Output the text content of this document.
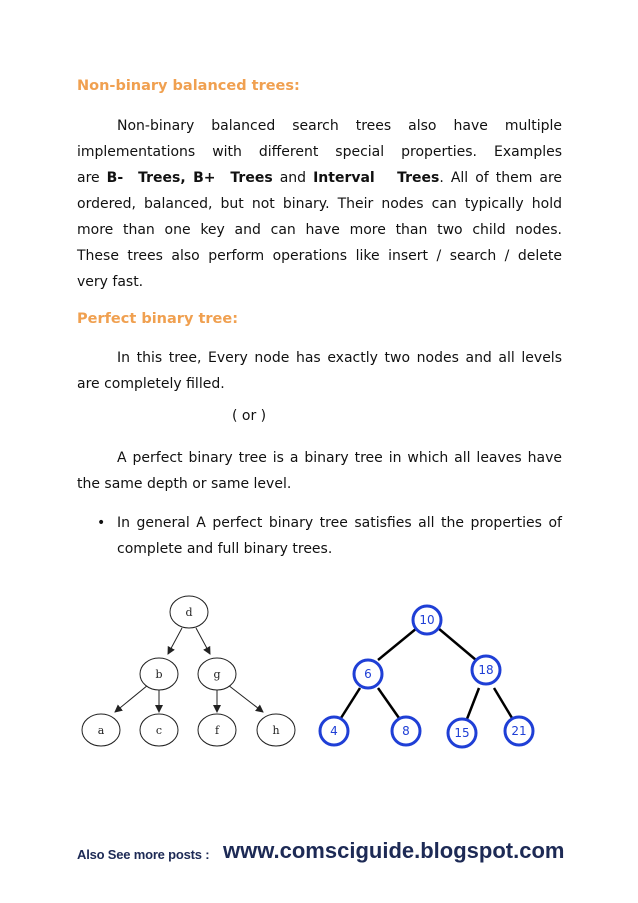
Non-binary balanced trees:
Non-binary balanced search trees also have multiple
implementations with different special properties. Examples
are B- Trees, B+ Trees and Interval Trees. All of them are
ordered, balanced, but not binary. Their nodes can typically hold
more than one key and can have more than two child nodes.
These trees also perform operations like insert / search / delete
very fast.
Perfect binary tree:
In this tree, Every node has exactly two nodes and all levels
are completely filled.
( or )
A perfect binary tree is a binary tree in which all leaves have
the same depth or same level.
• In general A perfect binary tree satisfies all the properties of
complete and full binary trees.
d
b	g
a	c	f	h
10
6	18
4	8	15	21
Also See more posts : www.comsciguide.blogspot.com
